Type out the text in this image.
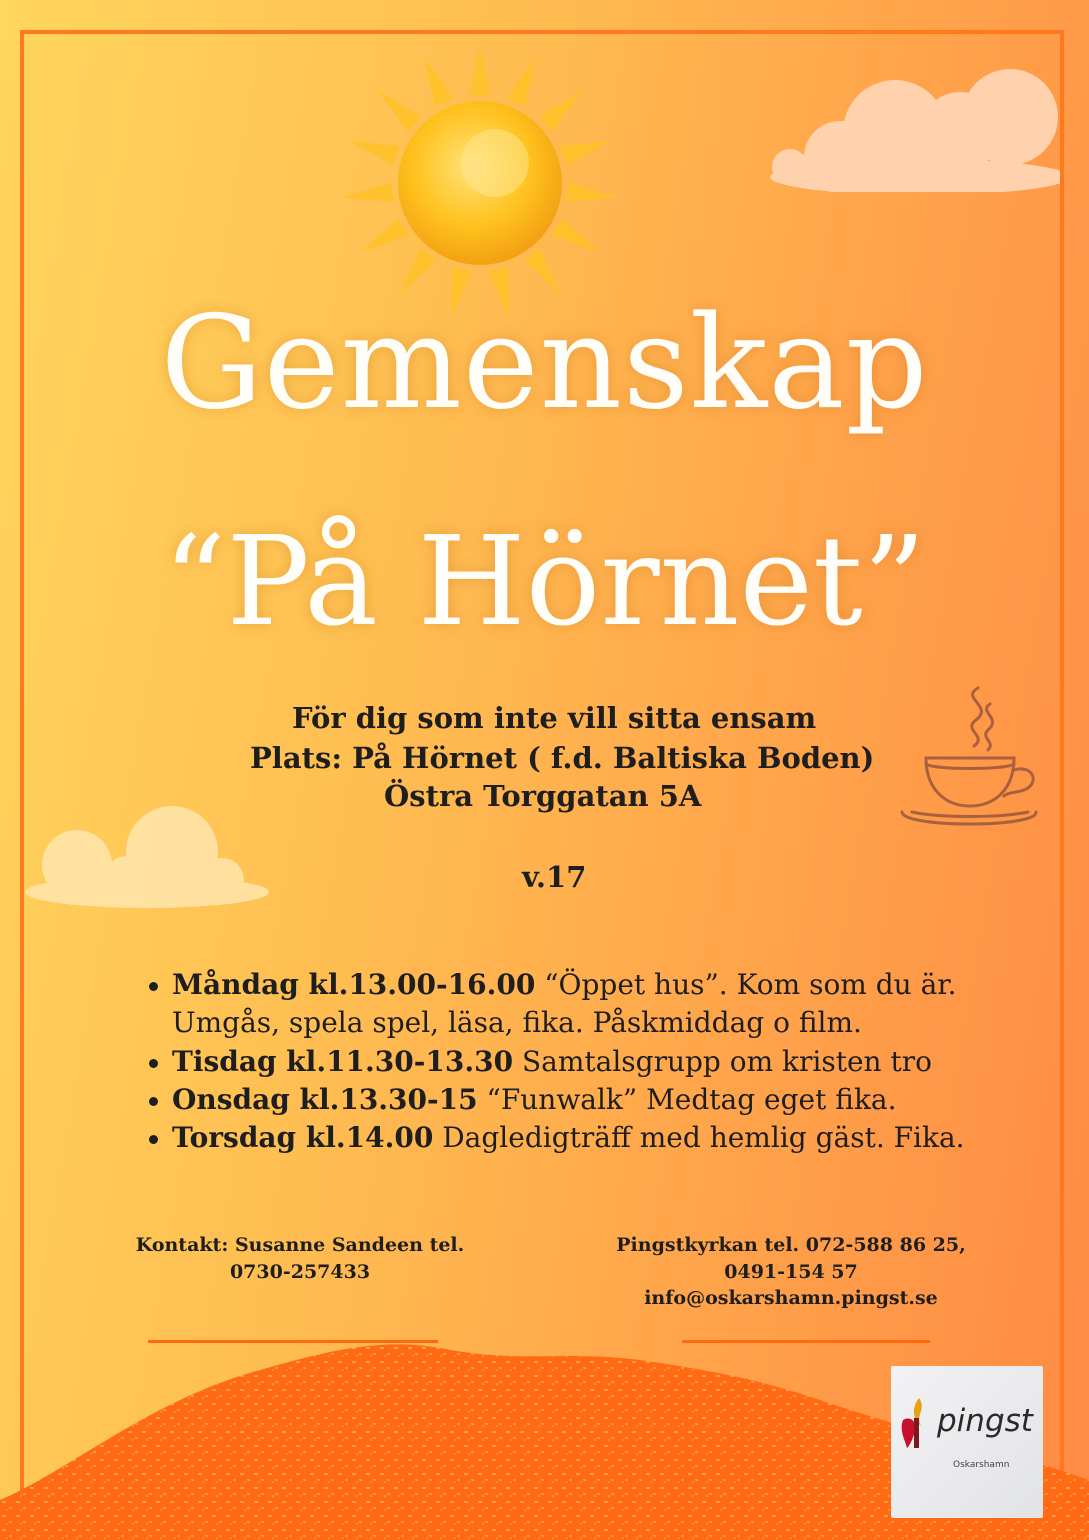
Gemenskap
“På Hörnet”
För dig som inte vill sitta ensam
Plats: På Hörnet ( f.d. Baltiska Boden)
Östra Torggatan 5A
v.17
Måndag kl.13.00-16.00 “Öppet hus”. Kom som du är. Umgås, spela spel, läsa, fika. Påskmiddag o film.
Tisdag kl.11.30-13.30 Samtalsgrupp om kristen tro
Onsdag kl.13.30-15 “Funwalk” Medtag eget fika.
Torsdag kl.14.00 Dagledigträff med hemlig gäst. Fika.
Kontakt: Susanne Sandeen tel.
0730-257433
Pingstkyrkan tel. 072-588 86 25,
0491-154 57
info@oskarshamn.pingst.se
pingst
Oskarshamn
